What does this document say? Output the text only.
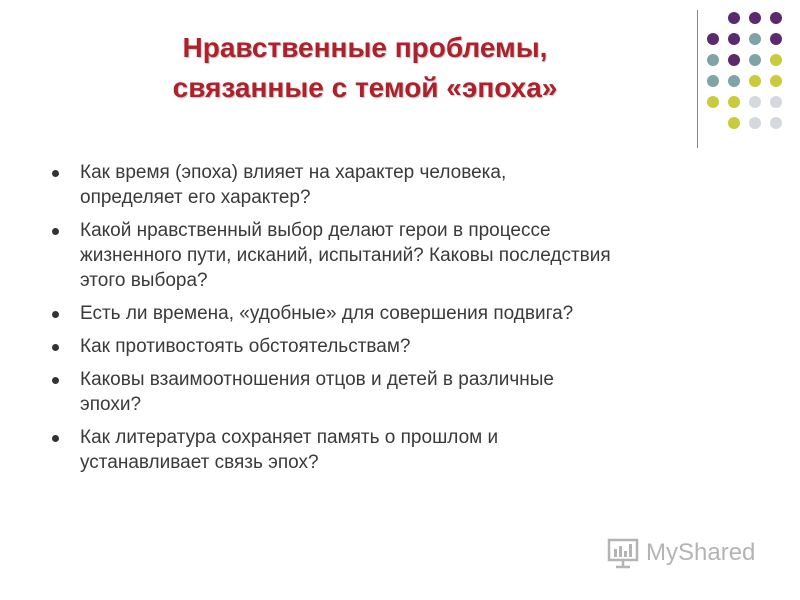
Нравственные проблемы,
связанные с темой «эпоха»
Как время (эпоха) влияет на характер человека,
определяет его характер?
Какой нравственный выбор делают герои в процессе
жизненного пути, исканий, испытаний? Каковы последствия
этого выбора?
Есть ли времена, «удобные» для совершения подвига?
Как противостоять обстоятельствам?
Каковы взаимоотношения отцов и детей в различные
эпохи?
Как литература сохраняет память о прошлом и
устанавливает связь эпох?
MyShared
